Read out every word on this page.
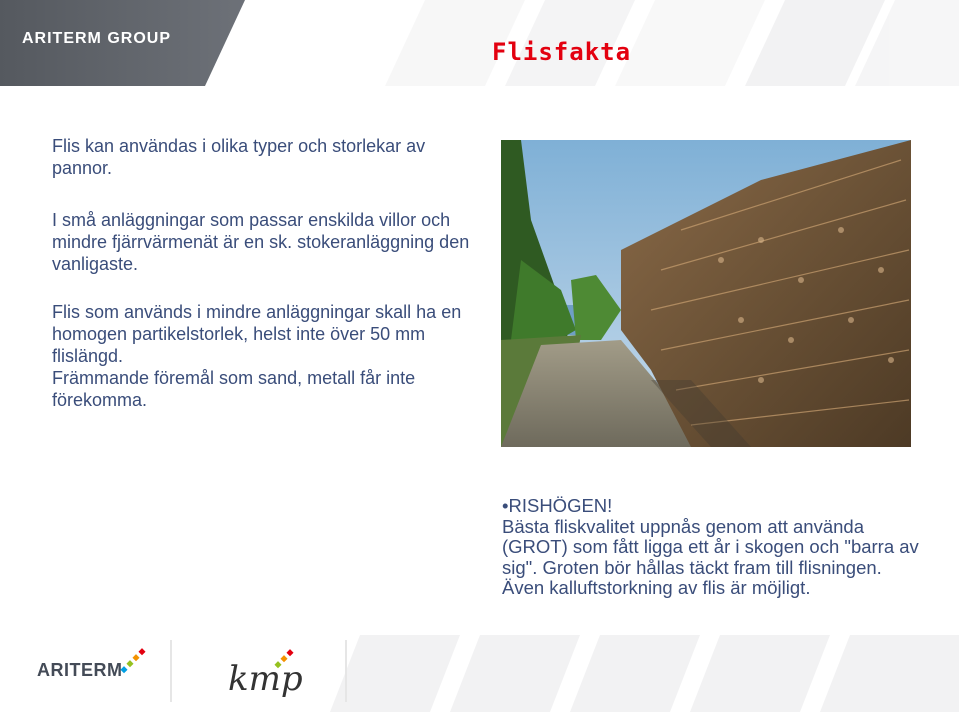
ARITERM GROUP	Flisfakta

Flis kan användas i olika typer och storlekar av pannor.

I små anläggningar som passar enskilda villor och mindre fjärrvärmenät är en sk. stokeranläggning den vanligaste.

Flis som används i mindre anläggningar skall ha en homogen partikelstorlek, helst inte över 50 mm flislängd.

Främmande föremål som sand, metall får inte förekomma.

•RISHÖGEN!
Bästa fliskvalitet uppnås genom att använda (GROT) som fått ligga ett år i skogen och "barra av sig". Groten bör hållas täckt fram till flisningen. Även kalluftstorkning av flis är möjligt.
ARITERM	kmp
